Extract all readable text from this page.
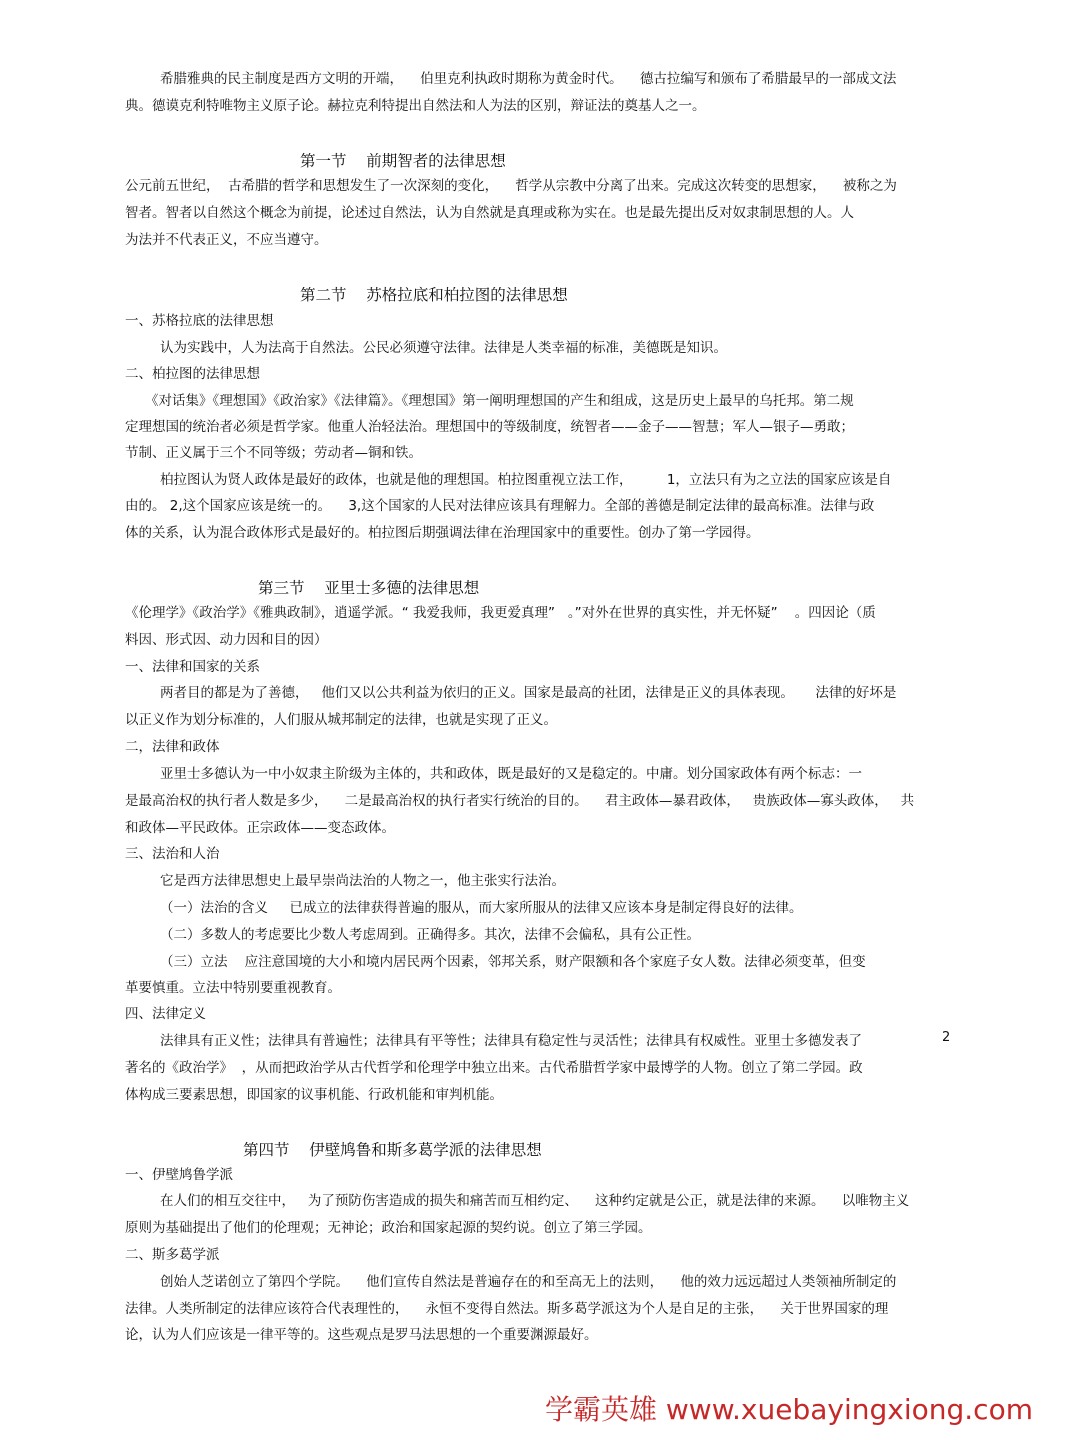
希腊雅典的民主制度是西方文明的开端，    伯里克利执政时期称为黄金时代。    德古拉编写和颁布了希腊最早的一部成文法
典。德谟克利特唯物主义原子论。赫拉克利特提出自然法和人为法的区别，辩证法的奠基人之一。
第一节    前期智者的法律思想
公元前五世纪，  古希腊的哲学和思想发生了一次深刻的变化，    哲学从宗教中分离了出来。完成这次转变的思想家，    被称之为
智者。智者以自然这个概念为前提，论述过自然法，认为自然就是真理或称为实在。也是最先提出反对奴隶制思想的人。人
为法并不代表正义，不应当遵守。
第二节    苏格拉底和柏拉图的法律思想
一、苏格拉底的法律思想
认为实践中，人为法高于自然法。公民必须遵守法律。法律是人类幸福的标准，美德既是知识。
二、柏拉图的法律思想
《对话集》《理想国》《政治家》《法律篇》。《理想国》第一阐明理想国的产生和组成，这是历史上最早的乌托邦。第二规
定理想国的统治者必须是哲学家。他重人治轻法治。理想国中的等级制度，统智者——金子——智慧；军人—银子—勇敢；
节制、正义属于三个不同等级；劳动者—铜和铁。
柏拉图认为贤人政体是最好的政体，也就是他的理想国。柏拉图重视立法工作，        1，立法只有为之立法的国家应该是自
由的。 2,这个国家应该是统一的。    3,这个国家的人民对法律应该具有理解力。全部的善德是制定法律的最高标准。法律与政
体的关系，认为混合政体形式是最好的。柏拉图后期强调法律在治理国家中的重要性。创办了第一学园得。
第三节    亚里士多德的法律思想
《伦理学》《政治学》《雅典政制》，逍遥学派。“ 我爱我师，我更爱真理”   。”对外在世界的真实性，并无怀疑”    。四因论（质
料因、形式因、动力因和目的因）
一、法律和国家的关系
两者目的都是为了善德，   他们又以公共利益为依归的正义。国家是最高的社团，法律是正义的具体表现。     法律的好坏是
以正义作为划分标准的，人们服从城邦制定的法律，也就是实现了正义。
二，法律和政体
亚里士多德认为一中小奴隶主阶级为主体的，共和政体，既是最好的又是稳定的。中庸。划分国家政体有两个标志：一
是最高治权的执行者人数是多少，    二是最高治权的执行者实行统治的目的。    君主政体—暴君政体，   贵族政体—寡头政体，   共
和政体—平民政体。正宗政体——变态政体。
三、法治和人治
它是西方法律思想史上最早崇尚法治的人物之一，他主张实行法治。
（一）法治的含义     已成立的法律获得普遍的服从，而大家所服从的法律又应该本身是制定得良好的法律。
（二）多数人的考虑要比少数人考虑周到。正确得多。其次，法律不会偏私，具有公正性。
（三）立法    应注意国境的大小和境内居民两个因素，邻邦关系，财产限额和各个家庭子女人数。法律必须变革，但变
革要慎重。立法中特别要重视教育。
四、法律定义
法律具有正义性；法律具有普遍性；法律具有平等性；法律具有稳定性与灵活性；法律具有权威性。亚里士多德发表了
著名的《政治学》  ，从而把政治学从古代哲学和伦理学中独立出来。古代希腊哲学家中最博学的人物。创立了第二学园。政
体构成三要素思想，即国家的议事机能、行政机能和审判机能。
第四节    伊壁鸠鲁和斯多葛学派的法律思想
一、伊壁鸠鲁学派
在人们的相互交往中，   为了预防伤害造成的损失和痛苦而互相约定、    这种约定就是公正，就是法律的来源。    以唯物主义
原则为基础提出了他们的伦理观；无神论；政治和国家起源的契约说。创立了第三学园。
二、斯多葛学派
创始人芝诺创立了第四个学院。    他们宣传自然法是普遍存在的和至高无上的法则，    他的效力远远超过人类领袖所制定的
法律。人类所制定的法律应该符合代表理性的，    永恒不变得自然法。斯多葛学派这为个人是自足的主张，    关于世界国家的理
论，认为人们应该是一律平等的。这些观点是罗马法思想的一个重要渊源最好。
2
学霸英雄 www.xuebayingxiong.com
